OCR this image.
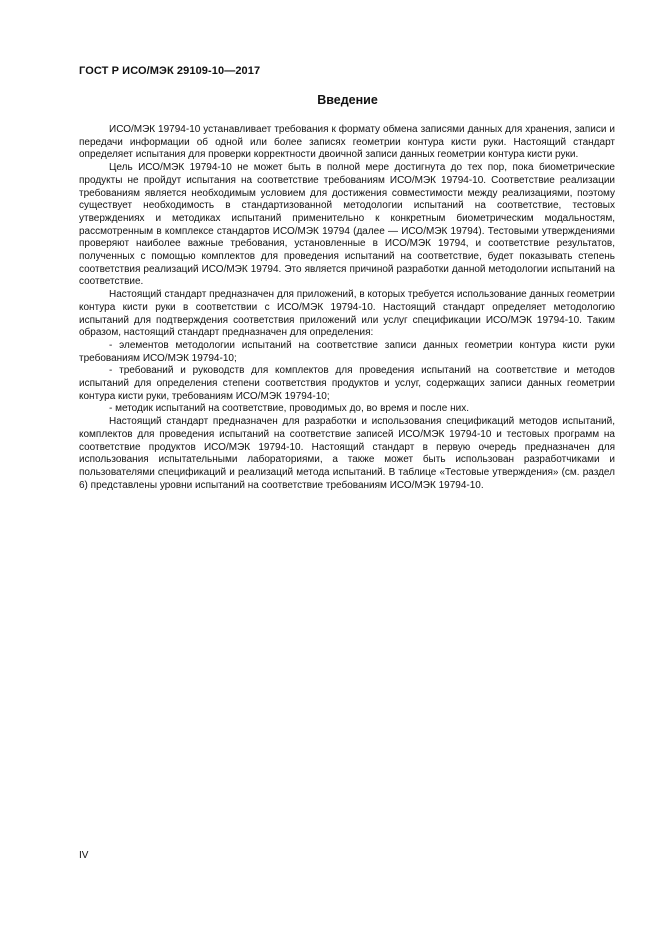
ГОСТ Р ИСО/МЭК 29109-10—2017
Введение

ИСО/МЭК 19794-10 устанавливает требования к формату обмена записями данных для хранения, записи и передачи информации об одной или более записях геометрии контура кисти руки. Настоящий стандарт определяет испытания для проверки корректности двоичной записи данных геометрии контура кисти руки.

Цель ИСО/МЭК 19794-10 не может быть в полной мере достигнута до тех пор, пока биометрические продукты не пройдут испытания на соответствие требованиям ИСО/МЭК 19794-10. Соответствие реализации требованиям является необходимым условием для достижения совместимости между реализациями, поэтому существует необходимость в стандартизованной методологии испытаний на соответствие, тестовых утверждениях и методиках испытаний применительно к конкретным биометрическим модальностям, рассмотренным в комплексе стандартов ИСО/МЭК 19794 (далее — ИСО/МЭК 19794). Тестовыми утверждениями проверяют наиболее важные требования, установленные в ИСО/МЭК 19794, и соответствие результатов, полученных с помощью комплектов для проведения испытаний на соответствие, будет показывать степень соответствия реализаций ИСО/МЭК 19794. Это является причиной разработки данной методологии испытаний на соответствие.

Настоящий стандарт предназначен для приложений, в которых требуется использование данных геометрии контура кисти руки в соответствии с ИСО/МЭК 19794-10. Настоящий стандарт определяет методологию испытаний для подтверждения соответствия приложений или услуг спецификации ИСО/МЭК 19794-10. Таким образом, настоящий стандарт предназначен для определения:

- элементов методологии испытаний на соответствие записи данных геометрии контура кисти руки требованиям ИСО/МЭК 19794-10;

- требований и руководств для комплектов для проведения испытаний на соответствие и методов испытаний для определения степени соответствия продуктов и услуг, содержащих записи данных геометрии контура кисти руки, требованиям ИСО/МЭК 19794-10;

- методик испытаний на соответствие, проводимых до, во время и после них.

Настоящий стандарт предназначен для разработки и использования спецификаций методов испытаний, комплектов для проведения испытаний на соответствие записей ИСО/МЭК 19794-10 и тестовых программ на соответствие продуктов ИСО/МЭК 19794-10. Настоящий стандарт в первую очередь предназначен для использования испытательными лабораториями, а также может быть использован разработчиками и пользователями спецификаций и реализаций метода испытаний. В таблице «Тестовые утверждения» (см. раздел 6) представлены уровни испытаний на соответствие требованиям ИСО/МЭК 19794-10.

IV
